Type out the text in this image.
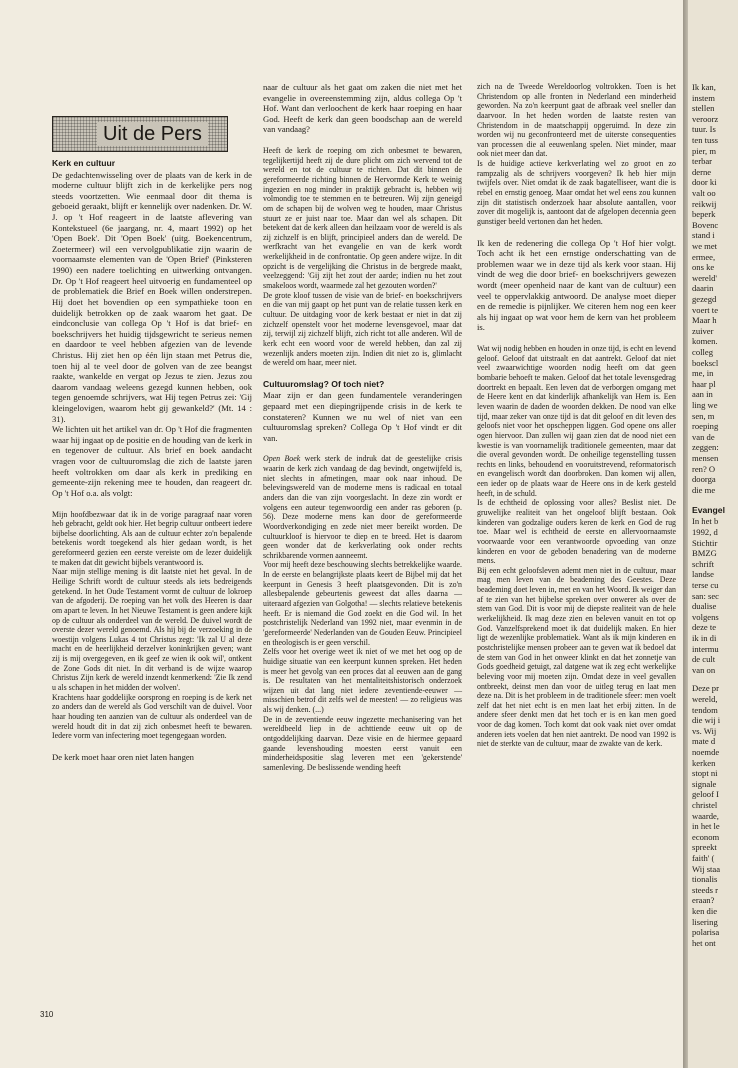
Uit de Pers
Kerk en cultuur

De gedachtenwisseling over de plaats van de kerk in de moderne cultuur blijft zich in de kerkelijke pers nog steeds voortzetten. Wie eenmaal door dit thema is geboeid geraakt, blijft er kennelijk over nadenken. Dr. W. J. op 't Hof reageert in de laatste aflevering van Kontekstueel (6e jaargang, nr. 4, maart 1992) op het 'Open Boek'. Dit 'Open Boek' (uitg. Boekencentrum, Zoetermeer) wil een vervolgpublikatie zijn waarin de voornaamste elementen van de 'Open Brief' (Pinksteren 1990) een nadere toelichting en uitwerking ontvangen. Dr. Op 't Hof reageert heel uitvoerig en fundamenteel op de problematiek die Brief en Boek willen onderstrepen. Hij doet het bovendien op een sympathieke toon en duidelijk betrokken op de zaak waarom het gaat. De eindconclusie van collega Op 't Hof is dat brief- en boekschrijvers het huidig tijdsgewricht te serieus nemen en daardoor te veel hebben afgezien van de levende Christus. Hij ziet hen op één lijn staan met Petrus die, toen hij al te veel door de golven van de zee beangst raakte, wankelde en vergat op Jezus te zien. Jezus zou daarom vandaag weleens gezegd kunnen hebben, ook tegen genoemde schrijvers, wat Hij tegen Petrus zei: 'Gij kleingelovigen, waarom hebt gij gewankeld?' (Mt. 14 : 31).

We lichten uit het artikel van dr. Op 't Hof die fragmenten waar hij ingaat op de positie en de houding van de kerk in en tegenover de cultuur. Als brief en boek aandacht vragen voor de cultuuromslag die zich de laatste jaren heeft voltrokken om daar als kerk in prediking en gemeente-zijn rekening mee te houden, dan reageert dr. Op 't Hof o.a. als volgt:

Mijn hoofdbezwaar dat ik in de vorige paragraaf naar voren heb gebracht, geldt ook hier. Het begrip cultuur ontbeert iedere bijbelse doorlichting. Als aan de cultuur echter zo'n bepalende betekenis wordt toegekend als hier gedaan wordt, is het gereformeerd gezien een eerste vereiste om de lezer duidelijk te maken dat dit gewicht bijbels verantwoord is.

Naar mijn stellige mening is dit laatste niet het geval. In de Heilige Schrift wordt de cultuur steeds als iets bedreigends getekend. In het Oude Testament vormt de cultuur de lokroep van de afgoderij. De roeping van het volk des Heeren is daar om apart te leven. In het Nieuwe Testament is geen andere kijk op de cultuur als onderdeel van de wereld. De duivel wordt de overste dezer wereld genoemd. Als hij bij de verzoeking in de woestijn volgens Lukas 4 tot Christus zegt: 'Ik zal U al deze macht en de heerlijkheid derzelver koninkrijken geven; want zij is mij overgegeven, en ik geef ze wien ik ook wil', ontkent de Zone Gods dit niet. In dit verband is de wijze waarop Christus Zijn kerk de wereld inzendt kenmerkend: 'Zie Ik zend u als schapen in het midden der wolven'.

Krachtens haar goddelijke oorsprong en roeping is de kerk net zo anders dan de wereld als God verschilt van de duivel. Voor haar houding ten aanzien van de cultuur als onderdeel van de wereld houdt dit in dat zij zich onbesmet heeft te bewaren. Iedere vorm van infectering moet tegengegaan worden.

De kerk moet haar oren niet laten hangen

naar de cultuur als het gaat om zaken die niet met het evangelie in overeenstemming zijn, aldus collega Op 't Hof. Want dan verloochent de kerk haar roeping en haar God. Heeft de kerk dan geen boodschap aan de wereld van vandaag?

Heeft de kerk de roeping om zich onbesmet te bewaren, tegelijkertijd heeft zij de dure plicht om zich wervend tot de wereld en tot de cultuur te richten. Dat dit binnen de gereformeerde richting binnen de Hervormde Kerk te weinig ingezien en nog minder in praktijk gebracht is, hebben wij volmondig toe te stemmen en te betreuren. Wij zijn geneigd om de schapen bij de wolven weg te houden, maar Christus stuurt ze er juist naar toe. Maar dan wel als schapen. Dit betekent dat de kerk alleen dan heilzaam voor de wereld is als zij zichzelf is en blijft, principieel anders dan de wereld. De werfkracht van het evangelie en van de kerk wordt werkelijkheid in de confrontatie. Op geen andere wijze. In dit opzicht is de vergelijking die Christus in de bergrede maakt, veelzeggend: 'Gij zijt het zout der aarde; indien nu het zout smakeloos wordt, waarmede zal het gezouten worden?'

De grote kloof tussen de visie van de brief- en boekschrijvers en die van mij gaapt op het punt van de relatie tussen kerk en cultuur. De uitdaging voor de kerk bestaat er niet in dat zij zichzelf openstelt voor het moderne levensgevoel, maar dat zij, terwijl zij zichzelf blijft, zich richt tot alle anderen. Wil de kerk echt een woord voor de wereld hebben, dan zal zij wezenlijk anders moeten zijn. Indien dit niet zo is, glimlacht de wereld om haar, meer niet.

Cultuuromslag? Of toch niet?

Maar zijn er dan geen fundamentele veranderingen gepaard met een diepingrijpende crisis in de kerk te constateren? Kunnen we nu wel of niet van een cultuuromslag spreken? Collega Op 't Hof vindt er dit van.

Open Boek werk sterk de indruk dat de geestelijke crisis waarin de kerk zich vandaag de dag bevindt, ongetwijfeld is, niet slechts in afmetingen, maar ook naar inhoud. De belevingswereld van de moderne mens is radicaal en totaal anders dan die van zijn voorgeslacht. In deze zin wordt er volgens een auteur tegenwoordig een ander ras geboren (p. 56). Deze moderne mens kan door de gereformeerde Woordverkondiging en zede niet meer bereikt worden. De cultuurkloof is hiervoor te diep en te breed. Het is daarom geen wonder dat de kerkverlating ook onder rechts schrikbarende vormen aanneemt.

Voor mij heeft deze beschouwing slechts betrekkelijke waarde. In de eerste en belangrijkste plaats keert de Bijbel mij dat het keerpunt in Genesis 3 heeft plaatsgevonden. Dit is zo'n allesbepalende gebeurtenis geweest dat alles daarna — uiteraard afgezien van Golgotha! — slechts relatieve betekenis heeft. Er is niemand die God zoekt en die God wil. In het postchristelijk Nederland van 1992 niet, maar evenmin in de 'gereformeerde' Nederlanden van de Gouden Eeuw. Principieel en theologisch is er geen verschil.

Zelfs voor het overige weet ik niet of we met het oog op de huidige situatie van een keerpunt kunnen spreken. Het heden is meer het gevolg van een proces dat al eeuwen aan de gang is. De resultaten van het mentaliteitshistorisch onderzoek wijzen uit dat lang niet iedere zeventiende-eeuwer — misschien betrof dit zelfs wel de meesten! — zo religieus was als wij denken. (...)

De in de zeventiende eeuw ingezette mechanisering van het wereldbeeld liep in de achttiende eeuw uit op de ontgoddelijking daarvan. Deze visie en de hiermee gepaard gaande levenshouding moesten eerst vanuit een minderheidspositie slag leveren met een 'gekerstende' samenleving. De beslissende wending heeft

zich na de Tweede Wereldoorlog voltrokken. Toen is het Christendom op alle fronten in Nederland een minderheid geworden. Na zo'n keerpunt gaat de afbraak veel sneller dan daarvoor. In het heden worden de laatste resten van Christendom in de maatschappij opgeruimd. In deze zin worden wij nu geconfronteerd met de uiterste consequenties van processen die al eeuwenlang spelen. Niet minder, maar ook niet meer dan dat.

Is de huidige actieve kerkverlating wel zo groot en zo rampzalig als de schrijvers voorgeven? Ik heb hier mijn twijfels over. Niet omdat ik de zaak bagatelliseer, want die is rebel en ernstig genoeg. Maar omdat het wel eens zou kunnen zijn dit statistisch onderzoek haar absolute aantallen, voor zover dit mogelijk is, aantoont dat de afgelopen decennia geen gunstiger beeld vertonen dan het heden.

Ik ken de redenering die collega Op 't Hof hier volgt. Toch acht ik het een ernstige onderschatting van de problemen waar we in deze tijd als kerk voor staan. Hij vindt de weg die door brief- en boekschrijvers gewezen wordt (meer openheid naar de kant van de cultuur) een veel te oppervlakkig antwoord. De analyse moet dieper en de remedie is pijnlijker. We citeren hem nog een keer als hij ingaat op wat voor hem de kern van het probleem is.

Wat wij nodig hebben en houden in onze tijd, is echt en levend geloof. Geloof dat uitstraalt en dat aantrekt. Geloof dat niet veel zwaarwichtige woorden nodig heeft om dat geen bombarie behoeft te maken. Geloof dat het totale levensgedrag doortrekt en bepaalt. Een leven dat de verborgen omgang met de Heere kent en dat kinderlijk afhankelijk van Hem is. Een leven waarin de daden de woorden dekken. De nood van elke tijd, maar zeker van onze tijd is dat dit geloof en dit leven des geloofs niet voor het opscheppen liggen. God opene ons aller ogen hiervoor. Dan zullen wij gaan zien dat de nood niet een kwestie is van voornamelijk traditionele gemeenten, maar dat die overal gevonden wordt. De onheilige tegenstelling tussen rechts en links, behoudend en vooruitstrevend, reformatorisch en evangelisch wordt dan doorbroken. Dan komen wij allen, een ieder op de plaats waar de Heere ons in de kerk gesteld heeft, in de schuld.

Is de echtheid de oplossing voor alles? Beslist niet. De gruwelijke realiteit van het ongeloof blijft bestaan. Ook kinderen van godzalige ouders keren de kerk en God de rug toe. Maar wel is echtheid de eerste en allervoornaamste voorwaarde voor een verantwoorde opvoeding van onze kinderen en voor de geboden benadering van de moderne mens.

Bij een echt geloofsleven ademt men niet in de cultuur, maar mag men leven van de beademing des Geestes. Deze beademing doet leven in, met en van het Woord. Ik weiger dan af te zien van het bijbelse spreken over onwerer als over de stem van God. Dit is voor mij de diepste realiteit van de hele werkelijkheid. Ik mag deze zien en beleven vanuit en tot op God. Vanzelfsprekend moet ik dat duidelijk maken. En hier ligt de wezenlijke problematiek. Want als ik mijn kinderen en postchristelijke mensen probeer aan te geven wat ik bedoel dat de stem van God in het onweer klinkt en dat het zonnetje van Gods goedheid getuigt, zal datgene wat ik zeg echt werkelijke beleving voor mij moeten zijn. Omdat deze in veel gevallen ontbreekt, deinst men dan voor de uitleg terug en laat men deze na. Dit is het probleem in de traditionele sfeer: men voelt zelf dat het niet echt is en men laat het erbij zitten. In de andere sfeer denkt men dat het toch er is en kan men goed voor de dag komen. Toch komt dat ook vaak niet over omdat anderen iets voelen dat hen niet aantrekt. De nood van 1992 is niet de sterkte van de cultuur, maar de zwakte van de kerk.

310
Ik kan,
instem
stellen
veroorz
tuur. Is
ten tuss
pier, m
terbar
derne
door ki
valt oo
reikwij
beperk
Bovenc
stand i
we met
ermee,
ons ke
wereld'
daarin
gezegd
voert te
Maar h
zuiver
komen.
colleg
boekscl
me, in
haar pl
aan in
ling we
sen, m
roeping
van de
zeggen:
mensen
ren? O
doorga
die me
Evangel
In het b
1992, d
Stichtir
BMZG
schrift
landse
terse cu
san: sec
dualise
volgens
deze te
ik in di
intermu
de cult
van on
Deze pr
wereld,
tendom
die wij i
vs. Wij
mate d
noemde
kerken
stopt ni
signale
geloof I
christel
waarde,
in het le
econom
spreekt
faith' (
Wij staa
tionalis
steeds r
eraan?
ken die
lisering
polarisa
het ont
